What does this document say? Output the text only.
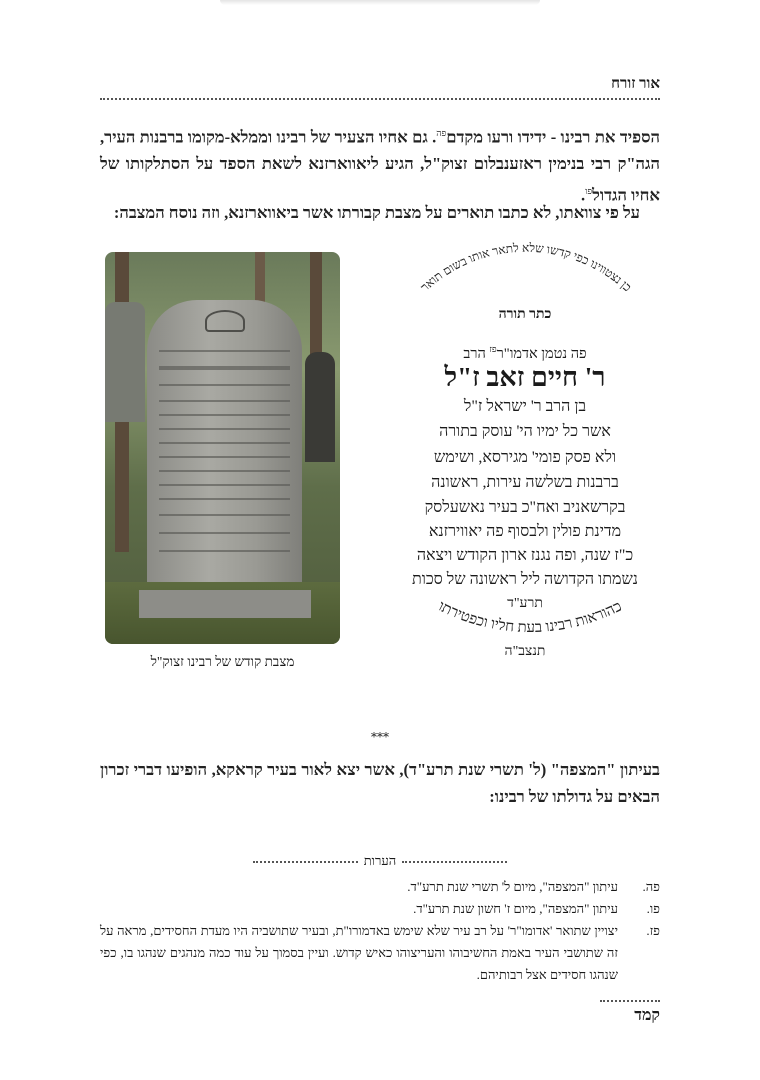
אור זורח
הספיד את רבינו - ידידו ורעו מקדם$^{פה}$. גם אחיו הצעיר של רבינו וממלא-מקומו ברבנות העיר, הגה"ק רבי בנימין ראזענבלום זצוק"ל, הגיע ליאווארזנא לשאת הספד על הסתלקותו של אחיו הגדול$^{פו}$.
על פי צוואתו, לא כתבו תוארים על מצבת קבורתו אשר ביאווארזנא, וזה נוסח המצבה:
מצבת קודש של רבינו זצוק"ל
כן נצטווינו כפי קדשו שלא לתאר אותו בשום תואר
כהוראות רבינו בעת חליו וכפטירתו
כתר תורה
פה נטמן אדמו"ר$^{פז}$ הרב
ר' חיים זאב ז"ל
בן הרב ר' ישראל ז"ל
אשר כל ימיו הי' עוסק בתורה
ולא פסק פומי' מגירסא, ושימש
ברבנות בשלשה עירות, ראשונה
בקרשאניב ואח"כ בעיר נאשעלסק
מדינת פולין ולבסוף פה יאווירזנא
כ"ז שנה, ופה נגנז ארון הקודש ויצאה
נשמתו הקדושה ליל ראשונה של סכות
תרע"ד
תנצב"ה
***
בעיתון "המצפה" (ל' תשרי שנת תרע"ד), אשר יצא לאור בעיר קראקא, הופיעו דברי זכרון הבאים על גדולתו של רבינו:
הערות
פה.
עיתון "המצפה", מיום ל' תשרי שנת תרע"ד.
פו.
עיתון "המצפה", מיום ז' חשון שנת תרע"ד.
פז.
יצויין שתואר 'אדומו"ר' על רב עיר שלא שימש באדמורו"ת, ובעיר שתושביה היו מעדת החסידים, מראה על זה שתושבי העיר באמת החשיבוהו והעריצוהו כאיש קדוש. ועיין בסמוך על עוד כמה מנהגים שנהגו בו, כפי שנהגו חסידים אצל רבותיהם.
קמד
